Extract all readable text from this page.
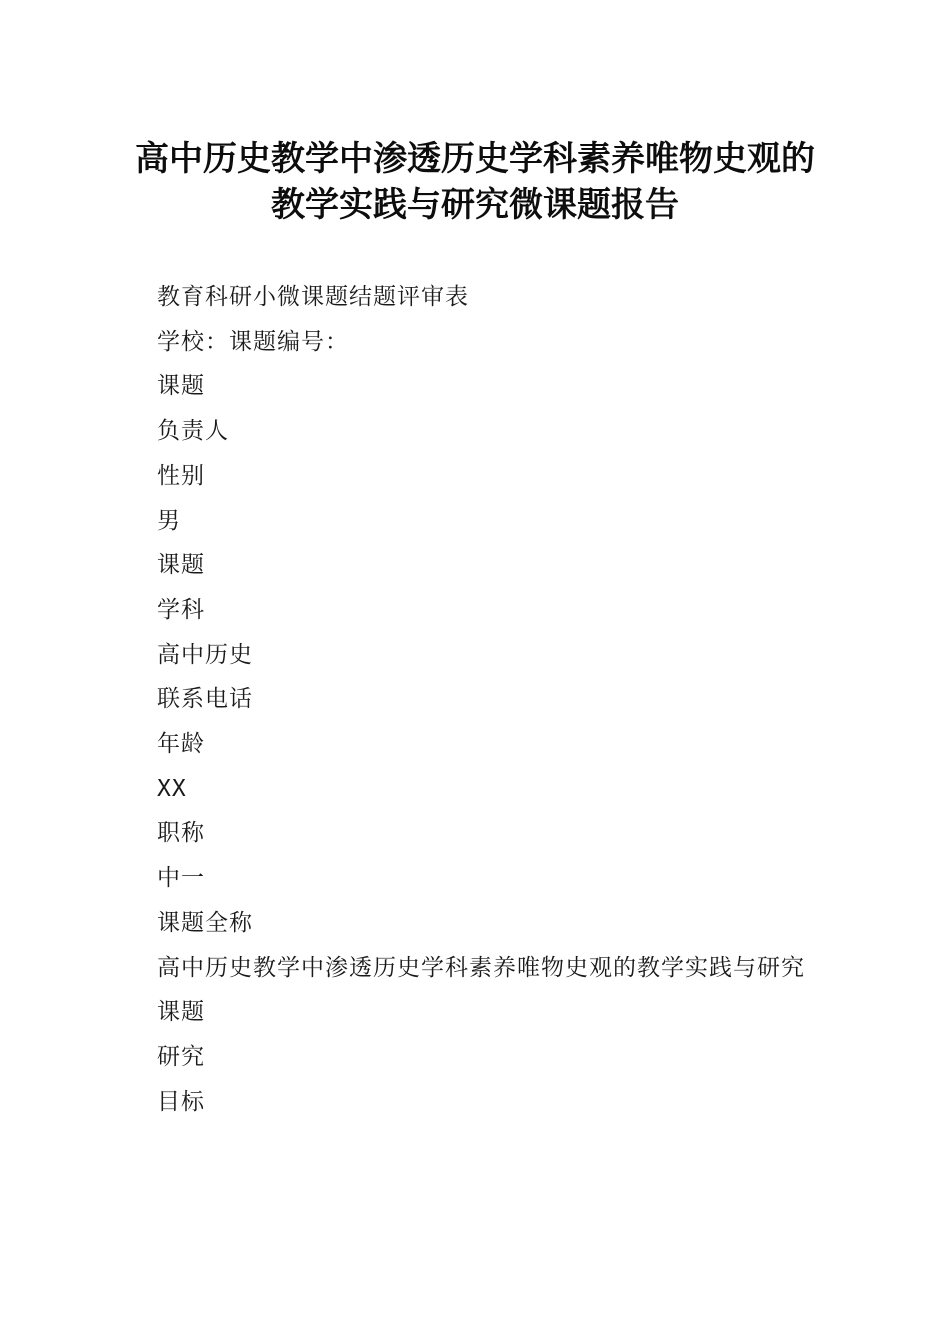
高中历史教学中渗透历史学科素养唯物史观的
教学实践与研究微课题报告

教育科研小微课题结题评审表

学校：课题编号：

课题

负责人

性别

男

课题

学科

高中历史

联系电话

年龄

XX

职称

中一

课题全称

高中历史教学中渗透历史学科素养唯物史观的教学实践与研究

课题

研究

目标
